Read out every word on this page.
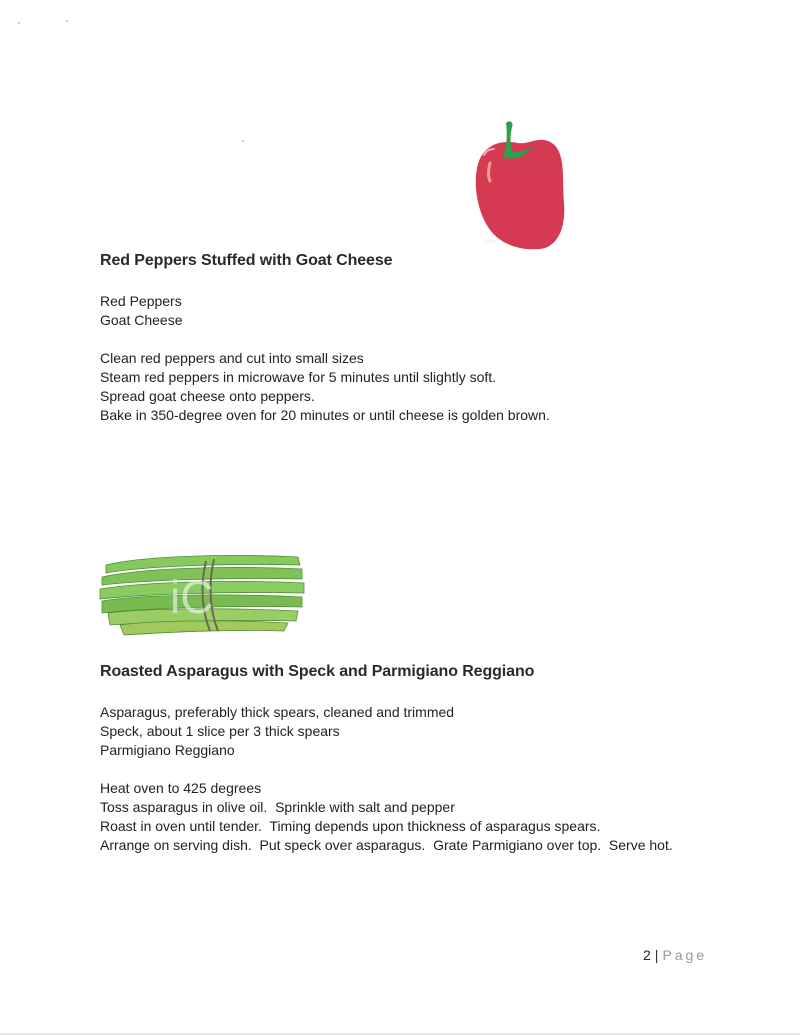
com
Red Peppers Stuffed with Goat Cheese
Red Peppers
Goat Cheese
Clean red peppers and cut into small sizes
Steam red peppers in microwave for 5 minutes until slightly soft.
Spread goat cheese onto peppers.
Bake in 350-degree oven for 20 minutes or until cheese is golden brown.
iC
Roasted Asparagus with Speck and Parmigiano Reggiano
Asparagus, preferably thick spears, cleaned and trimmed
Speck, about 1 slice per 3 thick spears
Parmigiano Reggiano
Heat oven to 425 degrees
Toss asparagus in olive oil.  Sprinkle with salt and pepper
Roast in oven until tender.  Timing depends upon thickness of asparagus spears.
Arrange on serving dish.  Put speck over asparagus.  Grate Parmigiano over top.  Serve hot.
2 | Page
